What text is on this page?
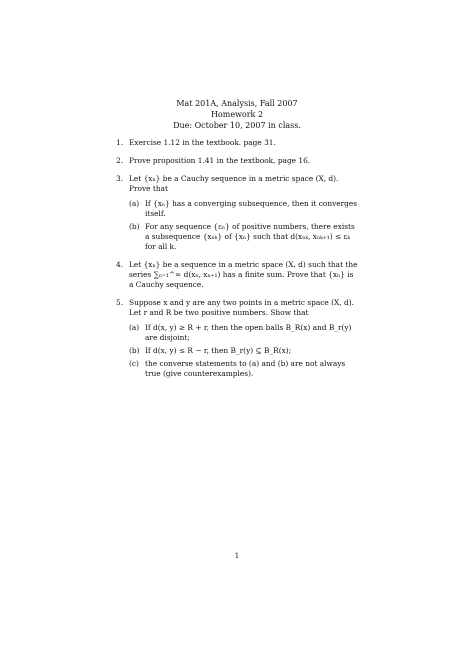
Mat 201A, Analysis, Fall 2007
Homework 2
Due: October 10, 2007 in class.
1. Exercise 1.12 in the textbook. page 31.
2. Prove proposition 1.41 in the textbook, page 16.
3. Let {xₙ} be a Cauchy sequence in a metric space (X, d). Prove that
(a) If {xₙ} has a converging subsequence, then it converges itself.
(b) For any sequence {εₙ} of positive numbers, there exists a subsequence {xₙₖ} of {xₙ} such that d(xₙₖ, xₙₖ₊₁) ≤ εₖ for all k.
4. Let {xₙ} be a sequence in a metric space (X, d) such that the series ∑ₙ₌₁^∞ d(xₙ, xₙ₊₁) has a finite sum. Prove that {xₙ} is a Cauchy sequence.
5. Suppose x and y are any two points in a metric space (X, d). Let r and R be two positive numbers. Show that
(a) If d(x, y) ≥ R + r, then the open balls B_R(x) and B_r(y) are disjoint;
(b) If d(x, y) ≤ R − r, then B_r(y) ⊆ B_R(x);
(c) the converse statements to (a) and (b) are not always true (give counterexamples).
1
